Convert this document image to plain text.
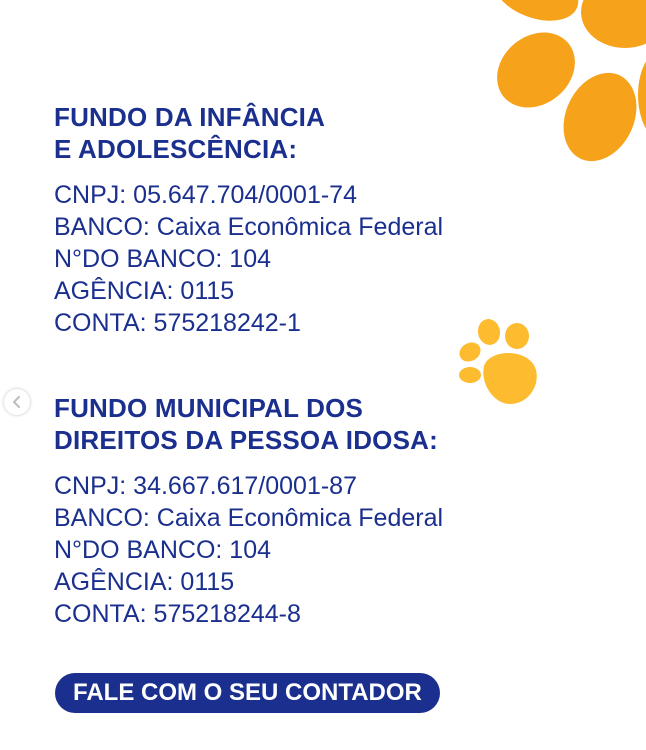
FUNDO DA INFÂNCIA
E ADOLESCÊNCIA:
CNPJ: 05.647.704/0001-74
BANCO: Caixa Econômica Federal
N°DO BANCO: 104
AGÊNCIA: 0115
CONTA: 575218242-1
FUNDO MUNICIPAL DOS
DIREITOS DA PESSOA IDOSA:
CNPJ: 34.667.617/0001-87
BANCO: Caixa Econômica Federal
N°DO BANCO: 104
AGÊNCIA: 0115
CONTA: 575218244-8
FALE COM O SEU CONTADOR
